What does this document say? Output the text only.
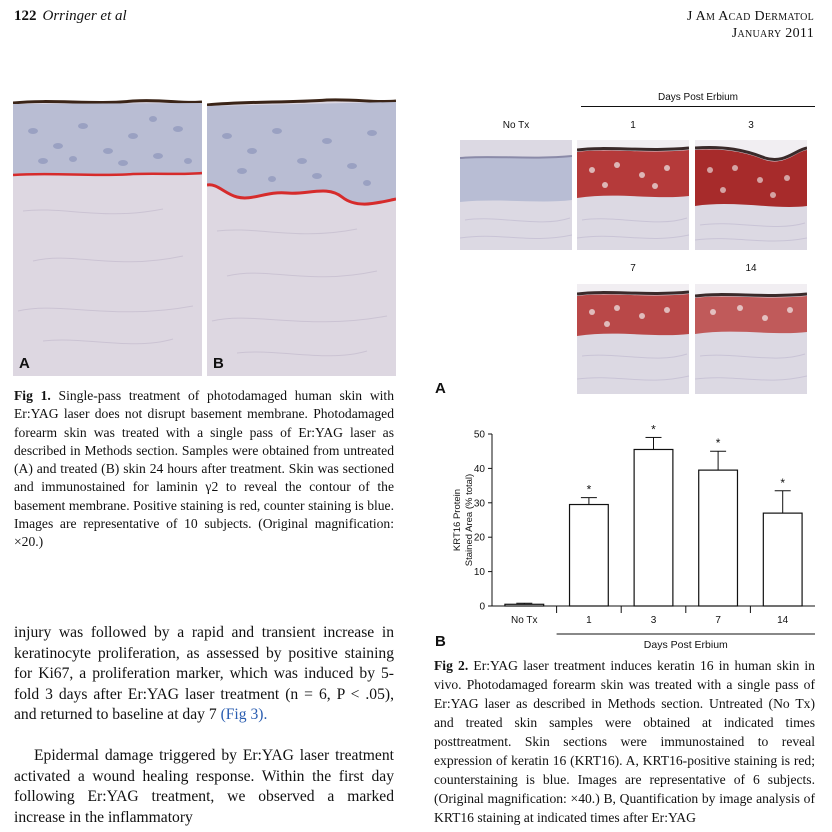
122 Orringer et al	J Am Acad Dermatol
January 2011
A	B
Fig 1. Single-pass treatment of photodamaged human skin with Er:YAG laser does not disrupt basement membrane. Photodamaged forearm skin was treated with a single pass of Er:YAG laser as described in Methods section. Samples were obtained from untreated (A) and treated (B) skin 24 hours after treatment. Skin was sectioned and immunostained for laminin γ2 to reveal the contour of the basement membrane. Positive staining is red, counter staining is blue. Images are representative of 10 subjects. (Original magnification: ×20.)
injury was followed by a rapid and transient increase in keratinocyte proliferation, as assessed by positive staining for Ki67, a proliferation marker, which was induced by 5-fold 3 days after Er:YAG laser treatment (n = 6, P < .05), and returned to baseline at day 7 (Fig 3).
Epidermal damage triggered by Er:YAG laser treatment activated a wound healing response. Within the first day following Er:YAG treatment, we observed a marked increase in the inflammatory
Days Post Erbium
No Tx	1	3
7	14
A
0
10
20
30
40
50
KRT16 Protein Stained Area (% total)
No Tx
*
1
*
3
*
7
*
14
Days Post Erbium
B
Fig 2. Er:YAG laser treatment induces keratin 16 in human skin in vivo. Photodamaged forearm skin was treated with a single pass of Er:YAG laser as described in Methods section. Untreated (No Tx) and treated skin samples were obtained at indicated times posttreatment. Skin sections were immunostained to reveal expression of keratin 16 (KRT16). A, KRT16-positive staining is red; counterstaining is blue. Images are representative of 6 subjects. (Original magnification: ×40.) B, Quantification by image analysis of KRT16 staining at indicated times after Er:YAG
